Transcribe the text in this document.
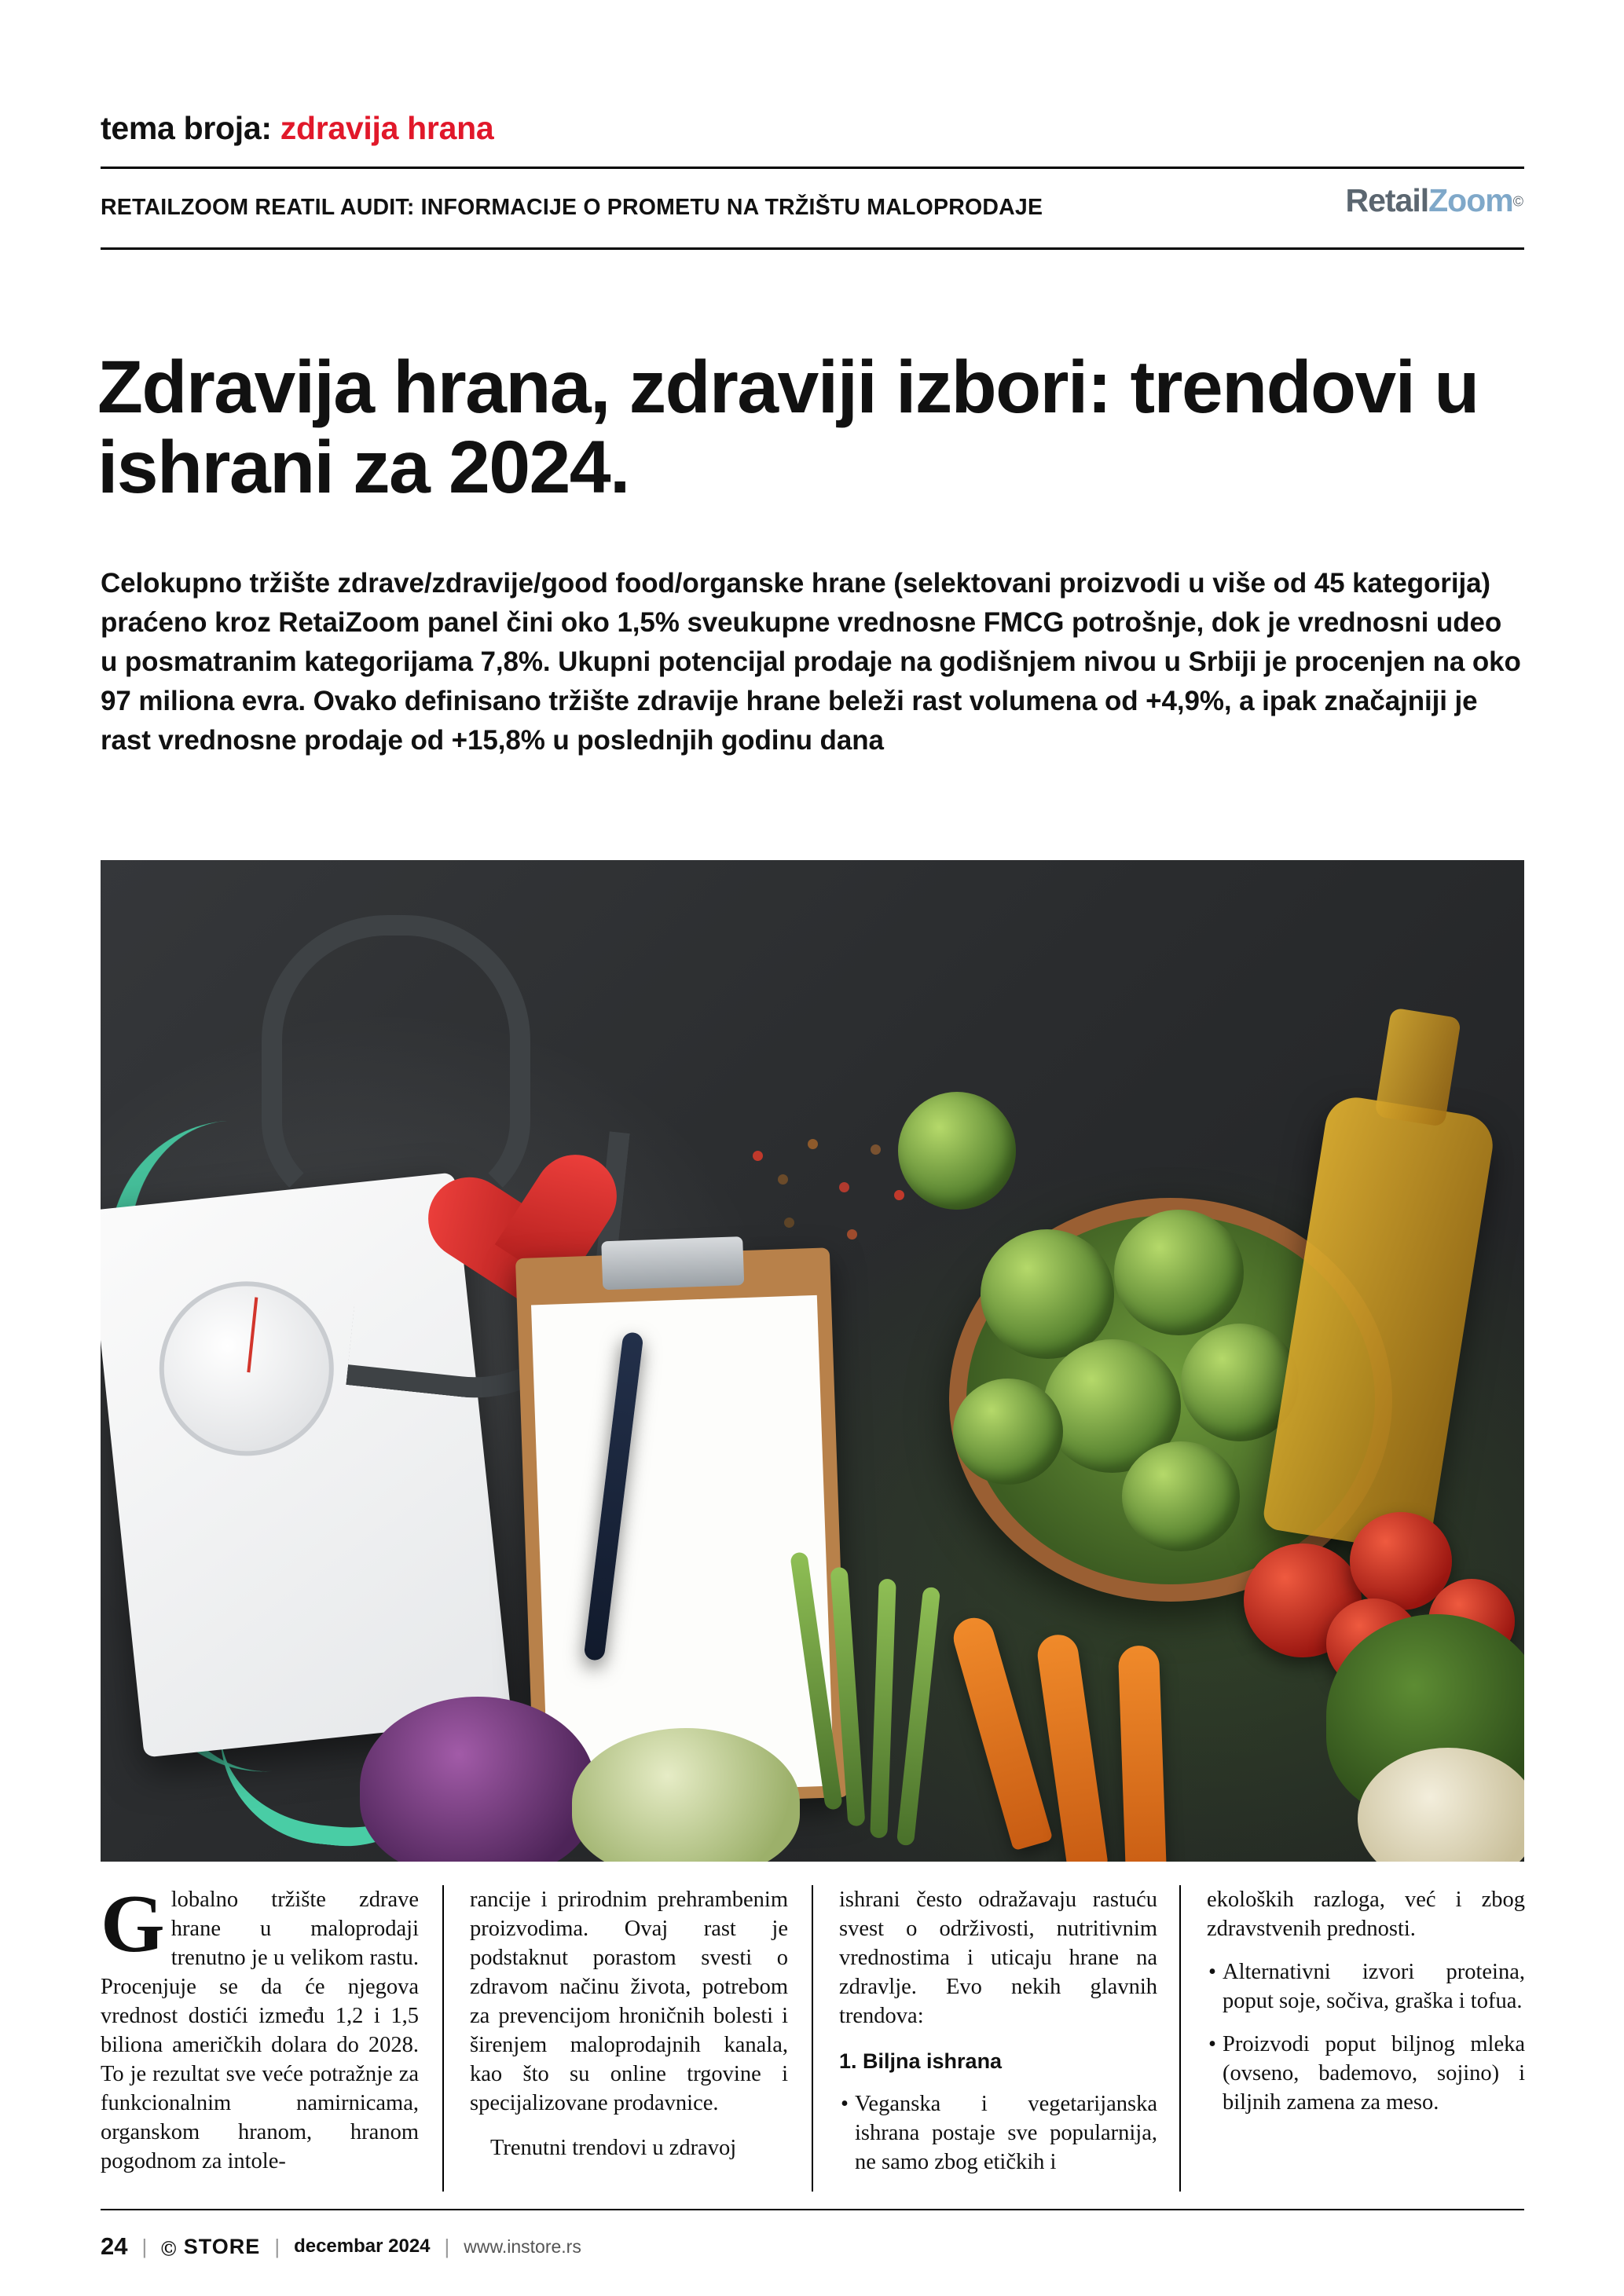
tema broja: zdravija hrana
RETAILZOOM REATIL AUDIT: INFORMACIJE O PROMETU NA TRŽIŠTU MALOPRODAJE	RetailZoom©
Zdravija hrana, zdraviji izbori: trendovi u ishrani za 2024.
Celokupno tržište zdrave/zdravije/good food/organske hrane (selektovani proizvodi u više od 45 kategorija) praćeno kroz RetaiZoom panel čini oko 1,5% sveukupne vrednosne FMCG potrošnje, dok je vrednosni udeo u posmatranim kategorijama 7,8%. Ukupni potencijal prodaje na godišnjem nivou u Srbiji je procenjen na oko 97 miliona evra. Ovako definisano tržište zdravije hrane beleži rast volumena od +4,9%, a ipak značajniji je rast vrednosne prodaje od +15,8% u poslednjih godinu dana

Globalno tržište zdrave hrane u maloprodaji trenutno je u velikom rastu. Procenjuje se da će njegova vrednost dostići između 1,2 i 1,5 biliona američkih dolara do 2028. To je rezultat sve veće potražnje za funkcionalnim namirnicama, organskom hranom, hranom pogodnom za intole-

rancije i prirodnim prehrambenim proizvodima. Ovaj rast je podstaknut porastom svesti o zdravom načinu života, potrebom za prevencijom hroničnih bolesti i širenjem maloprodajnih kanala, kao što su online trgovine i specijalizovane prodavnice.

Trenutni trendovi u zdravoj

ishrani često odražavaju rastuću svest o održivosti, nutritivnim vrednostima i uticaju hrane na zdravlje. Evo nekih glavnih trendova:

1. Biljna ishrana
• Veganska i vegetarijanska ishrana postaje sve popularnija, ne samo zbog etičkih i

ekoloških razloga, već i zbog zdravstvenih prednosti.

• Alternativni izvori proteina, poput soje, sočiva, graška i tofua.
• Proizvodi poput biljnog mleka (ovseno, bademovo, sojino) i biljnih zamena za meso.
24 | Ⓒ STORE | decembar 2024 | www.instore.rs
